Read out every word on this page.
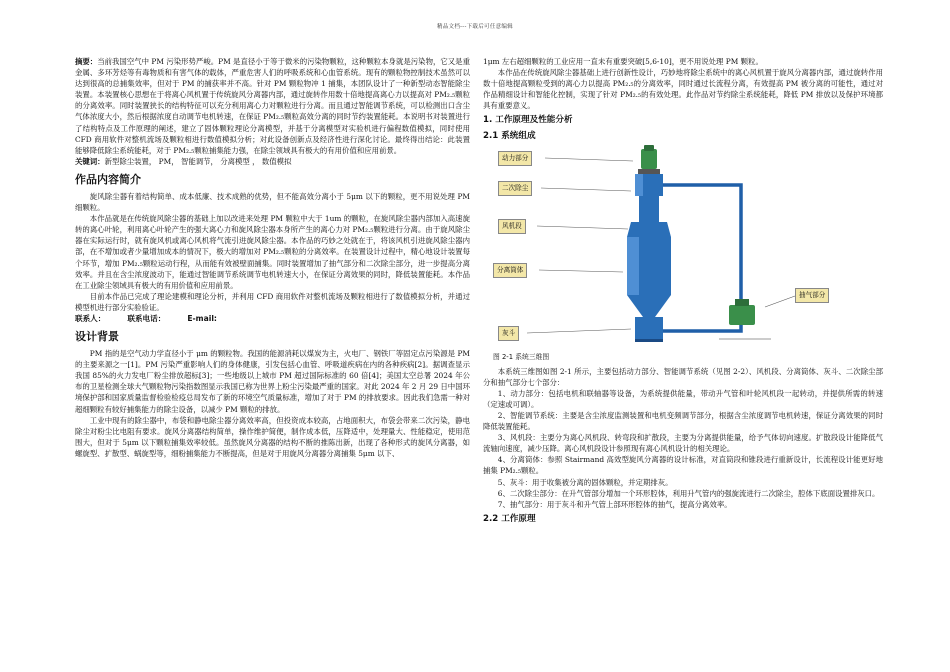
精品文档---下载后可任意编辑

摘要：当前我国空气中 PM 污染形势严峻。PM 是直径小于等于微米的污染物颗粒，这种颗粒本身就是污染物，它又是重金属、多环芳烃等有毒物质和有害气体的载体，严重危害人们的呼吸系统和心血管系统。现有的颗粒物控制技术虽然可以达到很高的总捕集效率，但对于 PM 的捕获率并不高。针对 PM 颗粒物冲 1 捕集，本团队设计了一种新型动态智能除尘装置。本装置核心思想在于将离心风机置于传统旋风分离器内部，通过旋转作用数十倍地提高离心力以提高对 PM₂.₅颗粒的分离效率。同时装置狭长的结构特征可以充分利用离心力对颗粒进行分离。而且通过智能调节系统，可以检测出口含尘气体浓度大小，然后根据浓度自动调节电机转速，在保证 PM₂.₅颗粒高效分离的同时节约装置能耗。本说明书对装置进行了结构特点及工作原理的阐述，建立了固体颗粒理论分离模型，并基于分离模型对实验机进行偏程数值模拟，同时使用 CFD 商用软件对整机流场及颗粒相进行数值模拟分析；对此设备创新点及经济性进行深化讨论。最终得出结论：此装置能够降低除尘系统能耗，对于 PM₂.₅颗粒捕集能力强，在除尘领域具有极大的有用价值和应用前景。

关键词：新型除尘装置， PM， 智能调节， 分离模型 ， 数值模拟

作品内容简介

旋风除尘器有着结构简单、成本低廉、技术成熟的优势，但不能高效分离小于 5μm 以下的颗粒，更不用说处理 PM 细颗粒。

本作品就是在传统旋风除尘器的基础上加以改进来处理 PM 颗粒中大于 1um 的颗粒，在旋风除尘器内部加入高速旋转的离心叶轮，利用离心叶轮产生的强大离心力和旋风除尘器本身所产生的离心力对 PM₂.₅颗粒进行分离。由于旋风除尘器在实际运行时，就有旋风机或离心风机将气流引进旋风除尘器。本作品的巧妙之处就在于，将该风机引进旋风除尘器内部，在不增加或者少量增加成本的情况下，极大的增加对 PM₂.₅颗粒的分离效率。在装置设计过程中，精心地设计装置每个环节，增加 PM₂.₅颗粒运动行程，从而能有效被壁面捕集。同时装置增加了抽气部分和二次除尘部分，进一步提高分离效率。并且在含尘浓度波动下，能通过智能调节系统调节电机转速大小，在保证分离效果的同时，降低装置能耗。本作品在工业除尘领域具有极大的有用价值和应用前景。

目前本作品已完成了理论建模和理论分析，并利用 CFD 商用软件对整机流场及颗粒相进行了数值模拟分析，并通过模型机进行部分实验验证。

联系人：	联系电话：	E-mail:
设计背景

PM 指的是空气动力学直径小于 μm 的颗粒物。我国的能源消耗以煤炭为主，火电厂、钢铁厂等固定点污染源是 PM 的主要来源之一[1]。PM 污染严重影响人们的身体健康，引发包括心血管、呼吸道疾病在内的各种疾病[2]。据调查显示我国 85%的火力发电厂粉尘排放超标[3]；一些地级以上城市 PM 超过国际标准的 60 倍[4]；美国太空总署 2024 年公布的卫星检测全球大气颗粒物污染指数图显示我国已称为世界上粉尘污染最严重的国家。对此 2024 年 2 月 29 日中国环境保护部和国家质量监督检验检疫总局发布了新的环境空气质量标准，增加了对于 PM 的排放要求。因此我们急需一种对超细颗粒有较好捕集能力的除尘设备，以减少 PM 颗粒的排放。

工业中现有的除尘器中，布袋和静电除尘器分离效率高，但投资成本较高，占地面积大，布袋会带来二次污染，静电除尘对粉尘比电阻有要求。旋风分离器结构简单，操作维护简便，制作成本低，压降适中，处理量大、性能稳定，使用范围大，但对于 5μm 以下颗粒捕集效率较低。虽然旋风分离器的结构不断的推陈出新，出现了各种形式的旋风分离器，如螺旋型、扩散型、蜗旋型等，细粉捕集能力不断提高，但是对于用旋风分离器分离捕集 5μm 以下、

1μm 左右超细颗粒的工业应用一直未有重要突破[5,6-10]，更不用说处理 PM 颗粒。

本作品在传统旋风除尘器基础上进行创新性设计，巧妙地将除尘系统中的离心风机置于旋风分离器内部，通过旋转作用数十倍地提高颗粒受到的离心力以提高 PM₂.₅的分离效率，同时通过长流程分离，有效提高 PM 被分离的可能性，通过对作品精细设计和智能化控制，实现了针对 PM₂.₅的有效处理。此作品对节约除尘系统能耗，降低 PM 排放以及保护环境都具有重要意义。

1. 工作原理及性能分析
2.1 系统组成
动力部分
二次除尘
风机段
分离筒体
灰斗
抽气部分
图 2-1 系统三维图

本系统三维图如图 2-1 所示，主要包括动力部分、智能调节系统（见图 2-2）、风机段、分离筒体、灰斗、二次除尘部分和抽气部分七个部分：

1、动力部分：包括电机和联轴器等设备，为系统提供能量，带动升气管和叶轮风机段一起转动，并提供所需的转速（定速或可调）。

2、智能调节系统：主要是含尘浓度监测装置和电机变频调节部分，根据含尘浓度调节电机转速，保证分离效果的同时降低装置能耗。

3、风机段：主要分为离心风机段、转弯段和扩散段，主要为分离提供能量，给予气体切向速度。扩散段设计能降低气流轴向速度，减少压降。离心风机段设计参照现有离心风机设计的相关理论。

4、分离筒体：参照 Stairmand 高效型旋风分离器的设计标准，对直筒段和锥段进行重新设计，长流程设计能更好地捕集 PM₂.₅颗粒。

5、灰斗：用于收集被分离的固体颗粒，并定期排灰。

6、二次除尘部分：在升气管部分增加一个环形腔体，利用升气管内的强旋流进行二次除尘，腔体下底面设置排灰口。

7、抽气部分：用于灰斗和升气管上部环形腔体的抽气，提高分离效率。

2.2 工作原理
